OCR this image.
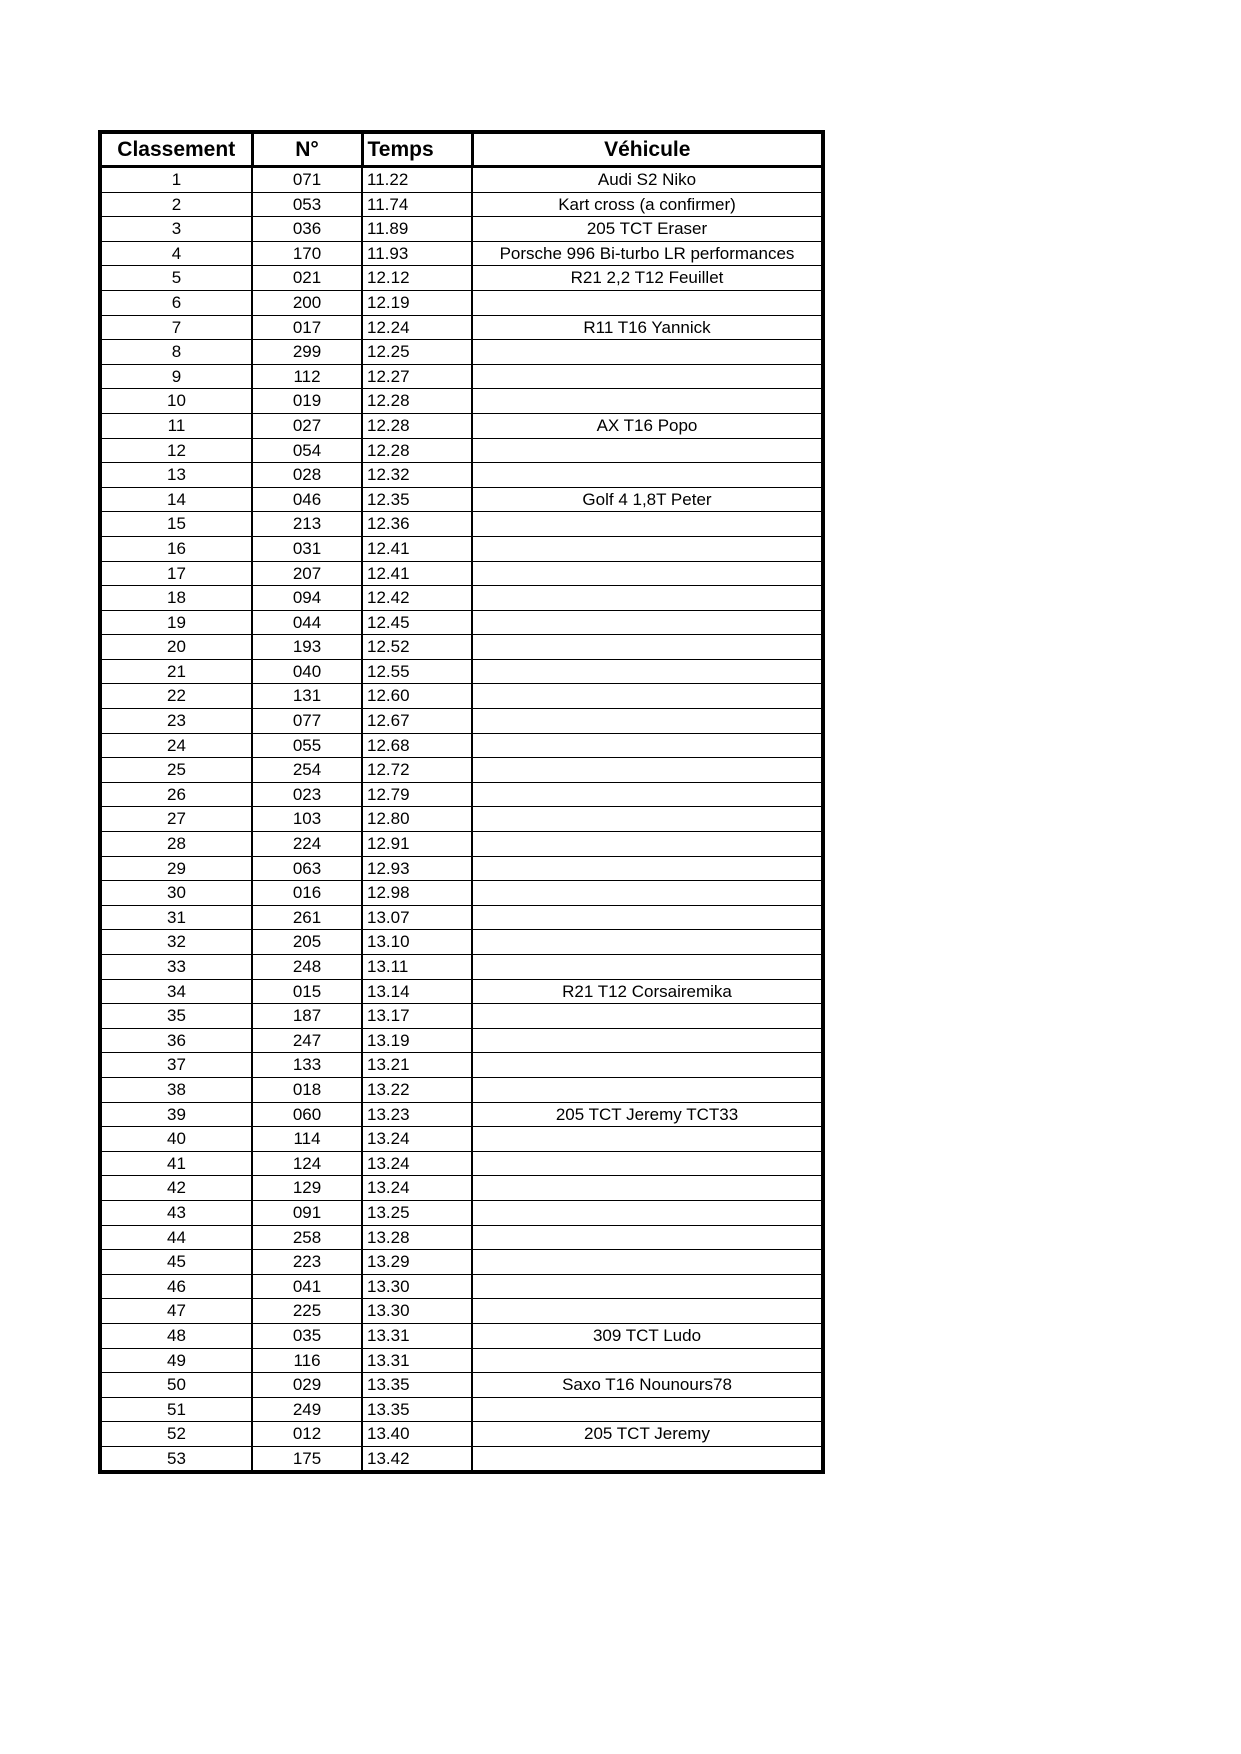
Classement	N°	Temps	Véhicule
1	071	11.22	Audi S2 Niko
2	053	11.74	Kart cross (a confirmer)
3	036	11.89	205 TCT Eraser
4	170	11.93	Porsche 996 Bi-turbo LR performances
5	021	12.12	R21 2,2 T12 Feuillet
6	200	12.19	
7	017	12.24	R11 T16 Yannick
8	299	12.25	
9	112	12.27	
10	019	12.28	
11	027	12.28	AX T16 Popo
12	054	12.28	
13	028	12.32	
14	046	12.35	Golf 4 1,8T Peter
15	213	12.36	
16	031	12.41	
17	207	12.41	
18	094	12.42	
19	044	12.45	
20	193	12.52	
21	040	12.55	
22	131	12.60	
23	077	12.67	
24	055	12.68	
25	254	12.72	
26	023	12.79	
27	103	12.80	
28	224	12.91	
29	063	12.93	
30	016	12.98	
31	261	13.07	
32	205	13.10	
33	248	13.11	
34	015	13.14	R21 T12 Corsairemika
35	187	13.17	
36	247	13.19	
37	133	13.21	
38	018	13.22	
39	060	13.23	205 TCT Jeremy TCT33
40	114	13.24	
41	124	13.24	
42	129	13.24	
43	091	13.25	
44	258	13.28	
45	223	13.29	
46	041	13.30	
47	225	13.30	
48	035	13.31	309 TCT Ludo
49	116	13.31	
50	029	13.35	Saxo T16 Nounours78
51	249	13.35	
52	012	13.40	205 TCT Jeremy
53	175	13.42	
